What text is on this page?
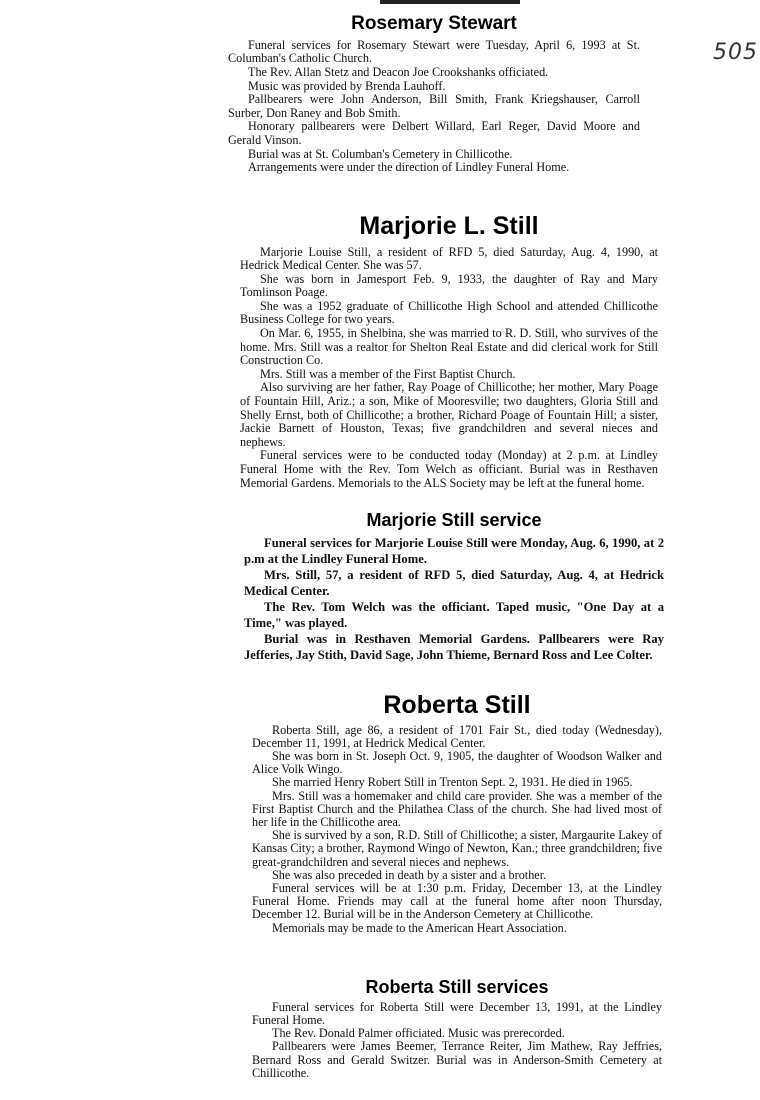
505
Rosemary Stewart

Funeral services for Rosemary Stewart were Tuesday, April 6, 1993 at St. Columban's Catholic Church.

The Rev. Allan Stetz and Deacon Joe Crookshanks officiated.

Music was provided by Brenda Lauhoff.

Pallbearers were John Anderson, Bill Smith, Frank Kriegshauser, Carroll Surber, Don Raney and Bob Smith.

Honorary pallbearers were Delbert Willard, Earl Reger, David Moore and Gerald Vinson.

Burial was at St. Columban's Cemetery in Chillicothe.

Arrangements were under the direction of Lindley Funeral Home.

Marjorie L. Still

Marjorie Louise Still, a resident of RFD 5, died Saturday, Aug. 4, 1990, at Hedrick Medical Center. She was 57.

She was born in Jamesport Feb. 9, 1933, the daughter of Ray and Mary Tomlinson Poage.

She was a 1952 graduate of Chillicothe High School and attended Chillicothe Business College for two years.

On Mar. 6, 1955, in Shelbina, she was married to R. D. Still, who survives of the home. Mrs. Still was a realtor for Shelton Real Estate and did clerical work for Still Construction Co.

Mrs. Still was a member of the First Baptist Church.

Also surviving are her father, Ray Poage of Chillicothe; her mother, Mary Poage of Fountain Hill, Ariz.; a son, Mike of Mooresville; two daughters, Gloria Still and Shelly Ernst, both of Chillicothe; a brother, Richard Poage of Fountain Hill; a sister, Jackie Barnett of Houston, Texas; five grandchildren and several nieces and nephews.

Funeral services were to be conducted today (Monday) at 2 p.m. at Lindley Funeral Home with the Rev. Tom Welch as officiant. Burial was in Resthaven Memorial Gardens. Memorials to the ALS Society may be left at the funeral home.

Marjorie Still service

Funeral services for Marjorie Louise Still were Monday, Aug. 6, 1990, at 2 p.m at the Lindley Funeral Home.

Mrs. Still, 57, a resident of RFD 5, died Saturday, Aug. 4, at Hedrick Medical Center.

The Rev. Tom Welch was the officiant. Taped music, "One Day at a Time," was played.

Burial was in Resthaven Memorial Gardens. Pallbearers were Ray Jefferies, Jay Stith, David Sage, John Thieme, Bernard Ross and Lee Colter.

Roberta Still

Roberta Still, age 86, a resident of 1701 Fair St., died today (Wednesday), December 11, 1991, at Hedrick Medical Center.

She was born in St. Joseph Oct. 9, 1905, the daughter of Woodson Walker and Alice Volk Wingo.

She married Henry Robert Still in Trenton Sept. 2, 1931. He died in 1965.

Mrs. Still was a homemaker and child care provider. She was a member of the First Baptist Church and the Philathea Class of the church. She had lived most of her life in the Chillicothe area.

She is survived by a son, R.D. Still of Chillicothe; a sister, Margaurite Lakey of Kansas City; a brother, Raymond Wingo of Newton, Kan.; three grandchildren; five great-grandchildren and several nieces and nephews.

She was also preceded in death by a sister and a brother.

Funeral services will be at 1:30 p.m. Friday, December 13, at the Lindley Funeral Home. Friends may call at the funeral home after noon Thursday, December 12. Burial will be in the Anderson Cemetery at Chillicothe.

Memorials may be made to the American Heart Association.

Roberta Still services

Funeral services for Roberta Still were December 13, 1991, at the Lindley Funeral Home.

The Rev. Donald Palmer officiated. Music was prerecorded.

Pallbearers were James Beemer, Terrance Reiter, Jim Mathew, Ray Jeffries, Bernard Ross and Gerald Switzer. Burial was in Anderson-Smith Cemetery at Chillicothe.
